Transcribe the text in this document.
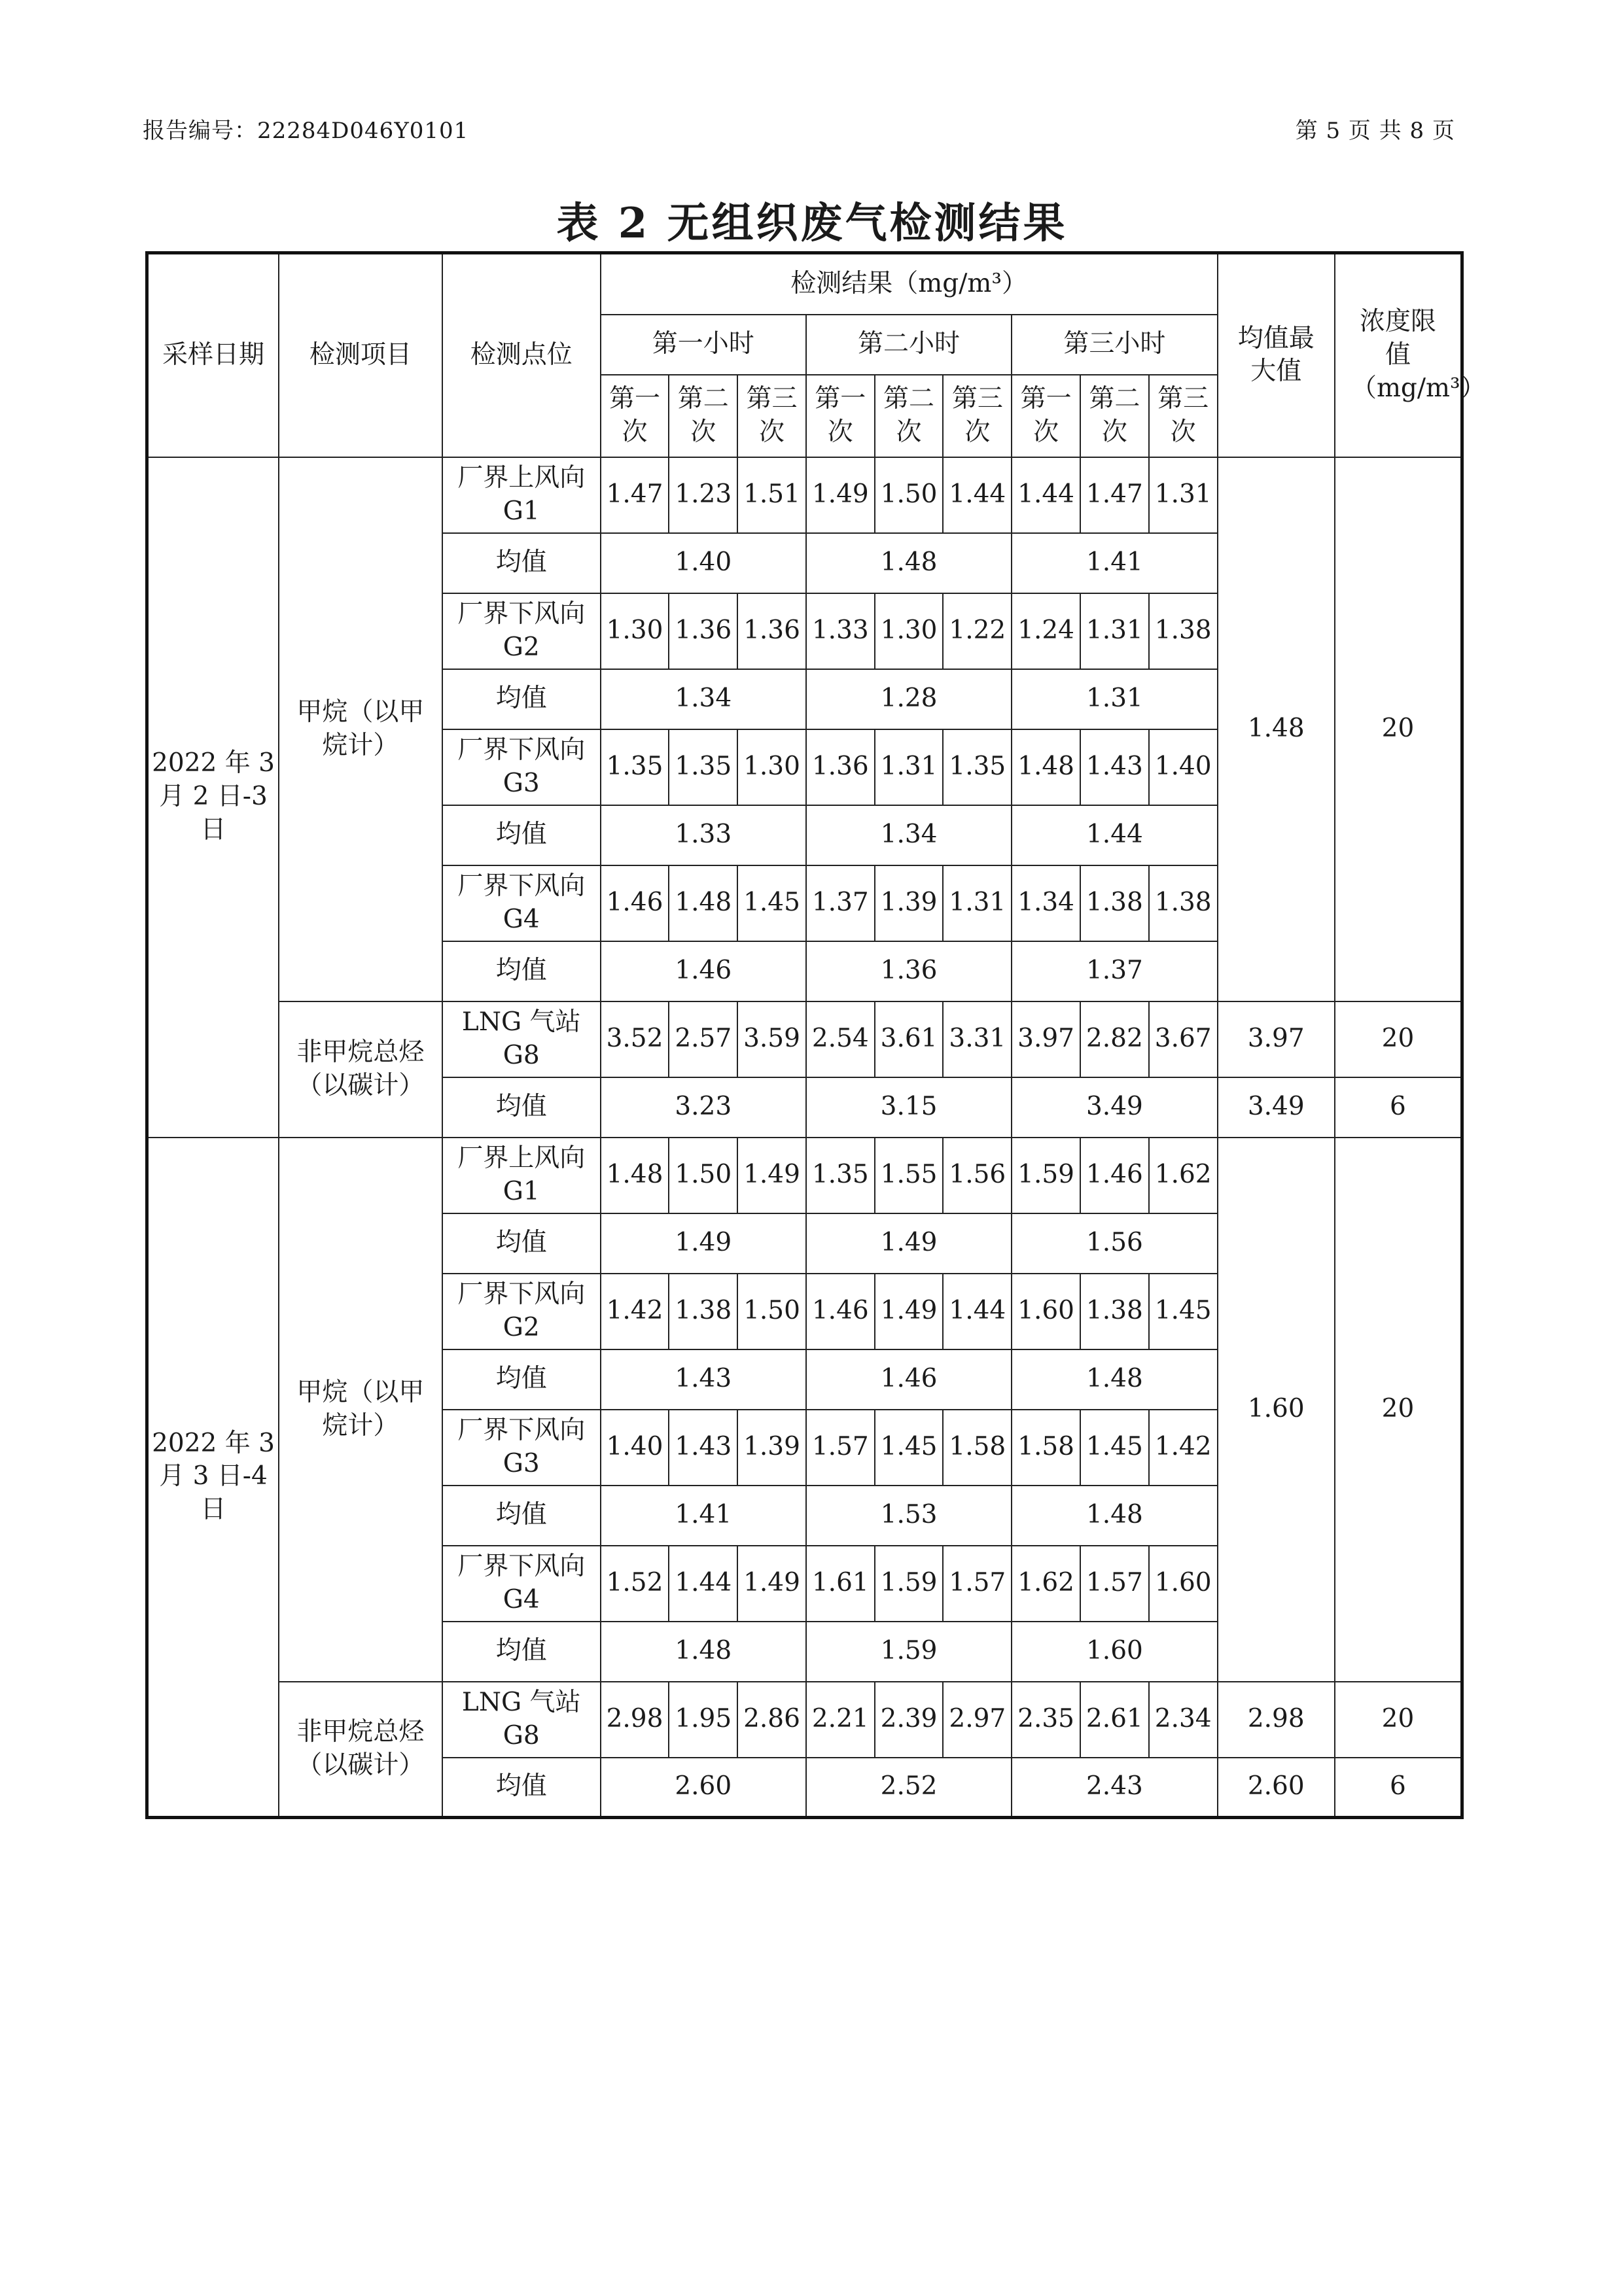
报告编号：22284D046Y0101	第 5 页 共 8 页
表 2 无组织废气检测结果
采样日期	检测项目	检测点位	检测结果（mg/m³）									均值最大值	浓度限值（mg/m³）
			第一小时			第二小时			第三小时				
			第一次	第二次	第三次	第一次	第二次	第三次	第一次	第二次	第三次		
2022 年 3 月 2 日-3 日	甲烷（以甲烷计）	厂界上风向 G1	1.47	1.23	1.51	1.49	1.50	1.44	1.44	1.47	1.31	1.48	20
		均值	1.40			1.48			1.41				
		厂界下风向 G2	1.30	1.36	1.36	1.33	1.30	1.22	1.24	1.31	1.38		
		均值	1.34			1.28			1.31				
		厂界下风向 G3	1.35	1.35	1.30	1.36	1.31	1.35	1.48	1.43	1.40		
		均值	1.33			1.34			1.44				
		厂界下风向 G4	1.46	1.48	1.45	1.37	1.39	1.31	1.34	1.38	1.38		
		均值	1.46			1.36			1.37				
	非甲烷总烃（以碳计）	LNG 气站 G8	3.52	2.57	3.59	2.54	3.61	3.31	3.97	2.82	3.67	3.97	20
		均值	3.23			3.15			3.49			3.49	6
2022 年 3 月 3 日-4 日	甲烷（以甲烷计）	厂界上风向 G1	1.48	1.50	1.49	1.35	1.55	1.56	1.59	1.46	1.62	1.60	20
		均值	1.49			1.49			1.56				
		厂界下风向 G2	1.42	1.38	1.50	1.46	1.49	1.44	1.60	1.38	1.45		
		均值	1.43			1.46			1.48				
		厂界下风向 G3	1.40	1.43	1.39	1.57	1.45	1.58	1.58	1.45	1.42		
		均值	1.41			1.53			1.48				
		厂界下风向 G4	1.52	1.44	1.49	1.61	1.59	1.57	1.62	1.57	1.60		
		均值	1.48			1.59			1.60				
	非甲烷总烃（以碳计）	LNG 气站 G8	2.98	1.95	2.86	2.21	2.39	2.97	2.35	2.61	2.34	2.98	20
		均值	2.60			2.52			2.43			2.60	6
